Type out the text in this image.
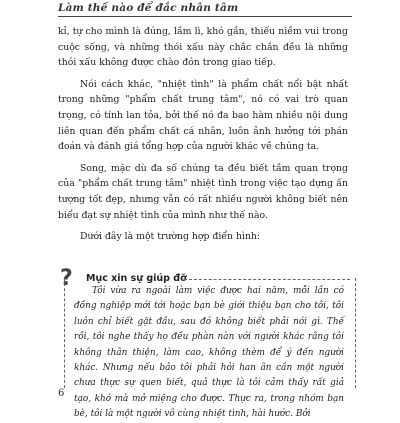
Làm thế nào để đắc nhân tâm

kỉ, tự cho mình là đúng, lầm lì, khó gần, thiếu niềm vui trong cuộc sống, và những thói xấu này chắc chắn đều là những thói xấu không được chào đón trong giao tiếp.

Nói cách khác, "nhiệt tình" là phẩm chất nổi bật nhất trong những "phẩm chất trung tâm", nó có vai trò quan trọng, có tính lan tỏa, bởi thế nó đa bao hàm nhiều nội dung liên quan đến phẩm chất cá nhân, luôn ảnh hưởng tới phán đoán và đánh giá tổng hợp của người khác về chúng ta.

Song, mặc dù đa số chúng ta đều biết tầm quan trọng của "phẩm chất trung tâm" nhiệt tình trong việc tạo dựng ấn tượng tốt đẹp, nhưng vẫn có rất nhiều người không biết nên biểu đạt sự nhiệt tình của mình như thế nào.

Dưới đây là một trường hợp điển hình:

? Mục xin sự giúp đỡ

Tôi vừa ra ngoài làm việc được hai năm, mỗi lần có đồng nghiệp mới tới hoặc bạn bè giới thiệu bạn cho tôi, tôi luôn chỉ biết gật đầu, sau đó không biết phải nói gì. Thế rồi, tôi nghe thấy họ đều phàn nàn với người khác rằng tôi không thân thiện, làm cao, không thèm để ý đến người khác. Nhưng nếu bảo tôi phải hỏi han ân cần một người chưa thực sự quen biết, quả thực là tôi cảm thấy rất giả tạo, khó mà mở miệng cho được. Thực ra, trong nhóm bạn bè, tôi là một người vô cùng nhiệt tình, hài hước. Bởi

6
